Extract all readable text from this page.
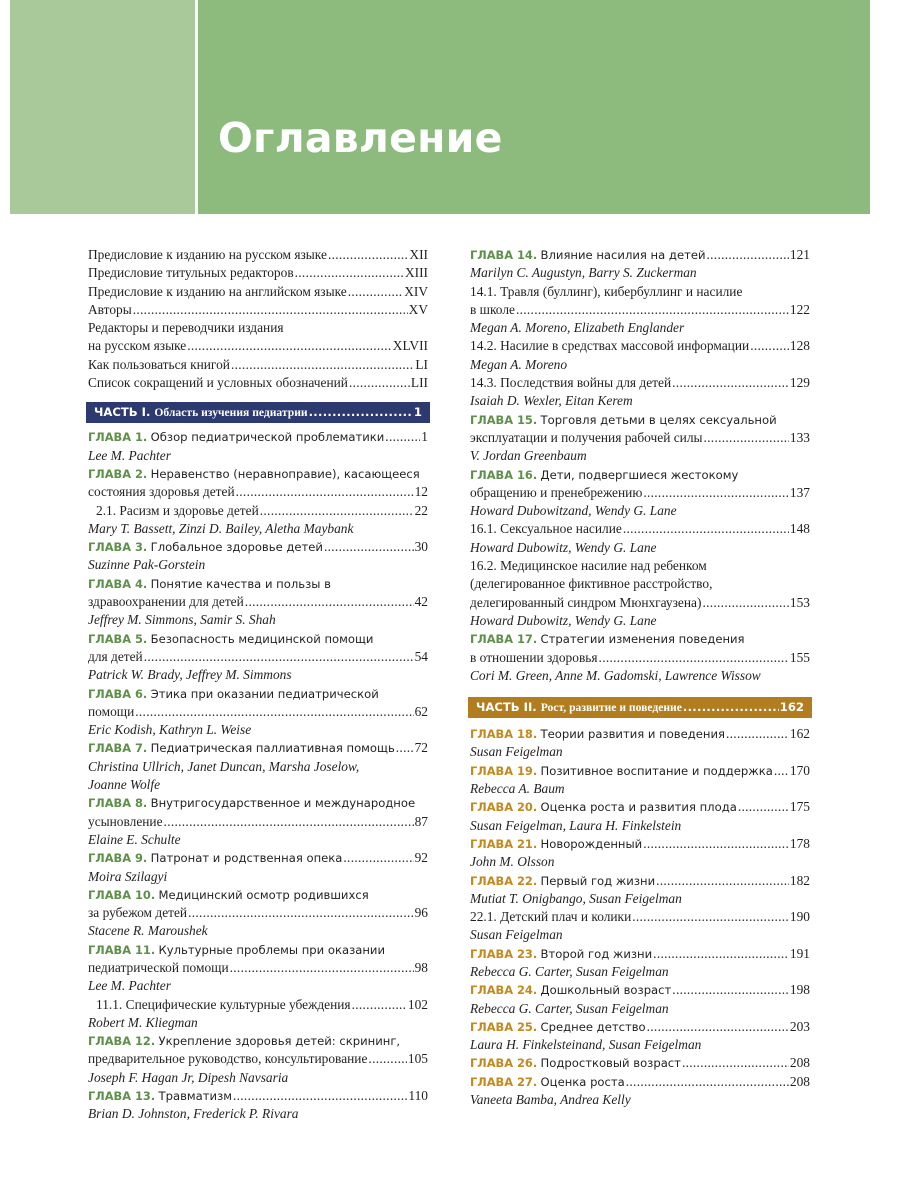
Оглавление
Предисловие к изданию на русском языке .....	XII
Предисловие титульных редакторов .....	XIII
Предисловие к изданию на английском языке .....	XIV
Авторы .....	XV
Редакторы и переводчики издания
на русском языке .....	XLVII
Как пользоваться книгой .....	LI
Список сокращений и условных обозначений .....	LII
ЧАСТЬ I. Область изучения педиатрии .....	1
ГЛАВА 1. Обзор педиатрической проблематики .....	1
Lee M. Pachter
ГЛАВА 2. Неравенство (неравноправие), касающееся
состояния здоровья детей .....	12
2.1. Расизм и здоровье детей .....	22
Mary T. Bassett, Zinzi D. Bailey, Aletha Maybank
ГЛАВА 3. Глобальное здоровье детей .....	30
Suzinne Pak-Gorstein
ГЛАВА 4. Понятие качества и пользы в
здравоохранении для детей .....	42
Jeffrey M. Simmons, Samir S. Shah
ГЛАВА 5. Безопасность медицинской помощи
для детей .....	54
Patrick W. Brady, Jeffrey M. Simmons
ГЛАВА 6. Этика при оказании педиатрической
помощи .....	62
Eric Kodish, Kathryn L. Weise
ГЛАВА 7. Педиатрическая паллиативная помощь ..... 72
Christina Ullrich, Janet Duncan, Marsha Joselow,
Joanne Wolfe
ГЛАВА 8. Внутригосударственное и международное
усыновление .....	87
Elaine E. Schulte
ГЛАВА 9. Патронат и родственная опека .....	92
Moira Szilagyi
ГЛАВА 10. Медицинский осмотр родившихся
за рубежом детей .....	96
Stacene R. Maroushek
ГЛАВА 11. Культурные проблемы при оказании
педиатрической помощи .....	98
Lee M. Pachter
11.1. Специфические культурные убеждения .....	102
Robert M. Kliegman
ГЛАВА 12. Укрепление здоровья детей: скрининг,
предварительное руководство, консультирование .....	105
Joseph F. Hagan Jr, Dipesh Navsaria
ГЛАВА 13. Травматизм .....	110
Brian D. Johnston, Frederick P. Rivara
ГЛАВА 14. Влияние насилия на детей .....	121
Marilyn C. Augustyn, Barry S. Zuckerman
14.1. Травля (буллинг), кибербуллинг и насилие
в школе .....	122
Megan A. Moreno, Elizabeth Englander
14.2. Насилие в средствах массовой информации .....	128
Megan A. Moreno
14.3. Последствия войны для детей .....	129
Isaiah D. Wexler, Eitan Kerem
ГЛАВА 15. Торговля детьми в целях сексуальной
эксплуатации и получения рабочей силы .....	133
V. Jordan Greenbaum
ГЛАВА 16. Дети, подвергшиеся жестокому
обращению и пренебрежению .....	137
Howard Dubowitzand, Wendy G. Lane
16.1. Сексуальное насилие .....	148
Howard Dubowitz, Wendy G. Lane
16.2. Медицинское насилие над ребенком
(делегированное фиктивное расстройство,
делегированный синдром Мюнхгаузена) .....	153
Howard Dubowitz, Wendy G. Lane
ГЛАВА 17. Стратегии изменения поведения
в отношении здоровья .....	155
Cori M. Green, Anne M. Gadomski, Lawrence Wissow
ЧАСТЬ II. Рост, развитие и поведение .....	162
ГЛАВА 18. Теории развития и поведения .....	162
Susan Feigelman
ГЛАВА 19. Позитивное воспитание и поддержка ..... 170
Rebecca A. Baum
ГЛАВА 20. Оценка роста и развития плода .....	175
Susan Feigelman, Laura H. Finkelstein
ГЛАВА 21. Новорожденный .....	178
John M. Olsson
ГЛАВА 22. Первый год жизни .....	182
Mutiat T. Onigbango, Susan Feigelman
22.1. Детский плач и колики .....	190
Susan Feigelman
ГЛАВА 23. Второй год жизни .....	191
Rebecca G. Carter, Susan Feigelman
ГЛАВА 24. Дошкольный возраст .....	198
Rebecca G. Carter, Susan Feigelman
ГЛАВА 25. Среднее детство .....	203
Laura H. Finkelsteinand, Susan Feigelman
ГЛАВА 26. Подростковый возраст .....	208
ГЛАВА 27. Оценка роста .....	208
Vaneeta Bamba, Andrea Kelly
